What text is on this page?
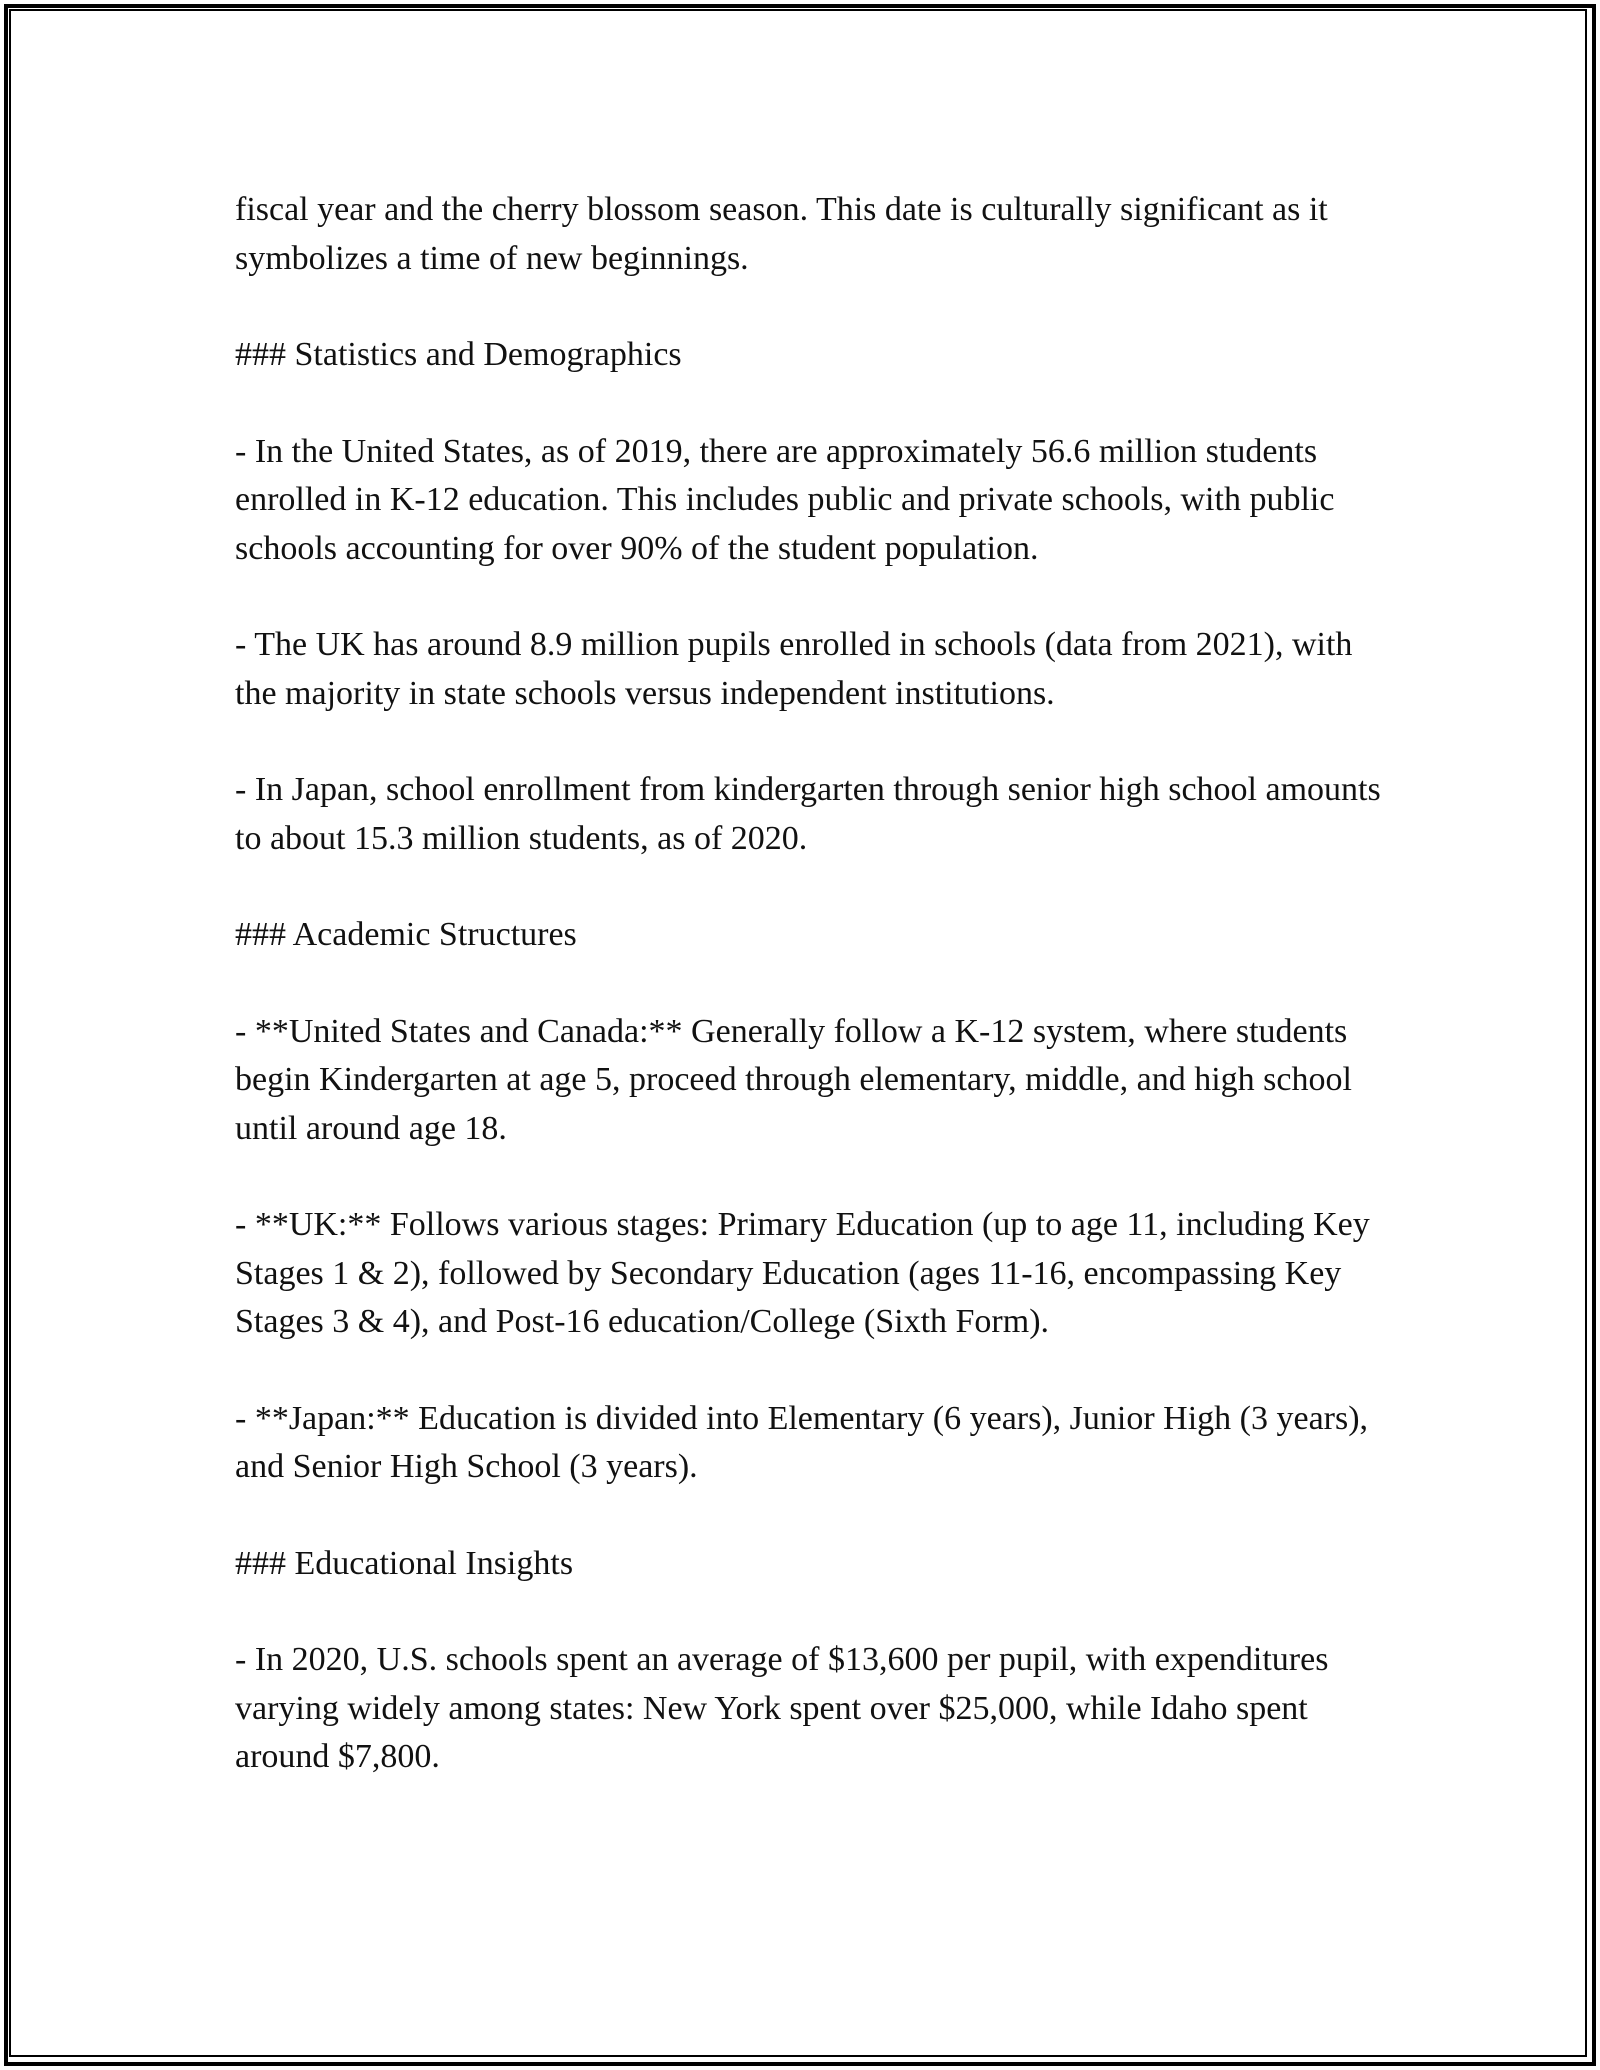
fiscal year and the cherry blossom season. This date is culturally significant as it symbolizes a time of new beginnings.

### Statistics and Demographics

- In the United States, as of 2019, there are approximately 56.6 million students enrolled in K-12 education. This includes public and private schools, with public schools accounting for over 90% of the student population.

- The UK has around 8.9 million pupils enrolled in schools (data from 2021), with the majority in state schools versus independent institutions.

- In Japan, school enrollment from kindergarten through senior high school amounts to about 15.3 million students, as of 2020.

### Academic Structures

- **United States and Canada:** Generally follow a K-12 system, where students begin Kindergarten at age 5, proceed through elementary, middle, and high school until around age 18.

- **UK:** Follows various stages: Primary Education (up to age 11, including Key Stages 1 & 2), followed by Secondary Education (ages 11-16, encompassing Key Stages 3 & 4), and Post-16 education/College (Sixth Form).

- **Japan:** Education is divided into Elementary (6 years), Junior High (3 years), and Senior High School (3 years).

### Educational Insights

- In 2020, U.S. schools spent an average of $13,600 per pupil, with expenditures varying widely among states: New York spent over $25,000, while Idaho spent around $7,800.
